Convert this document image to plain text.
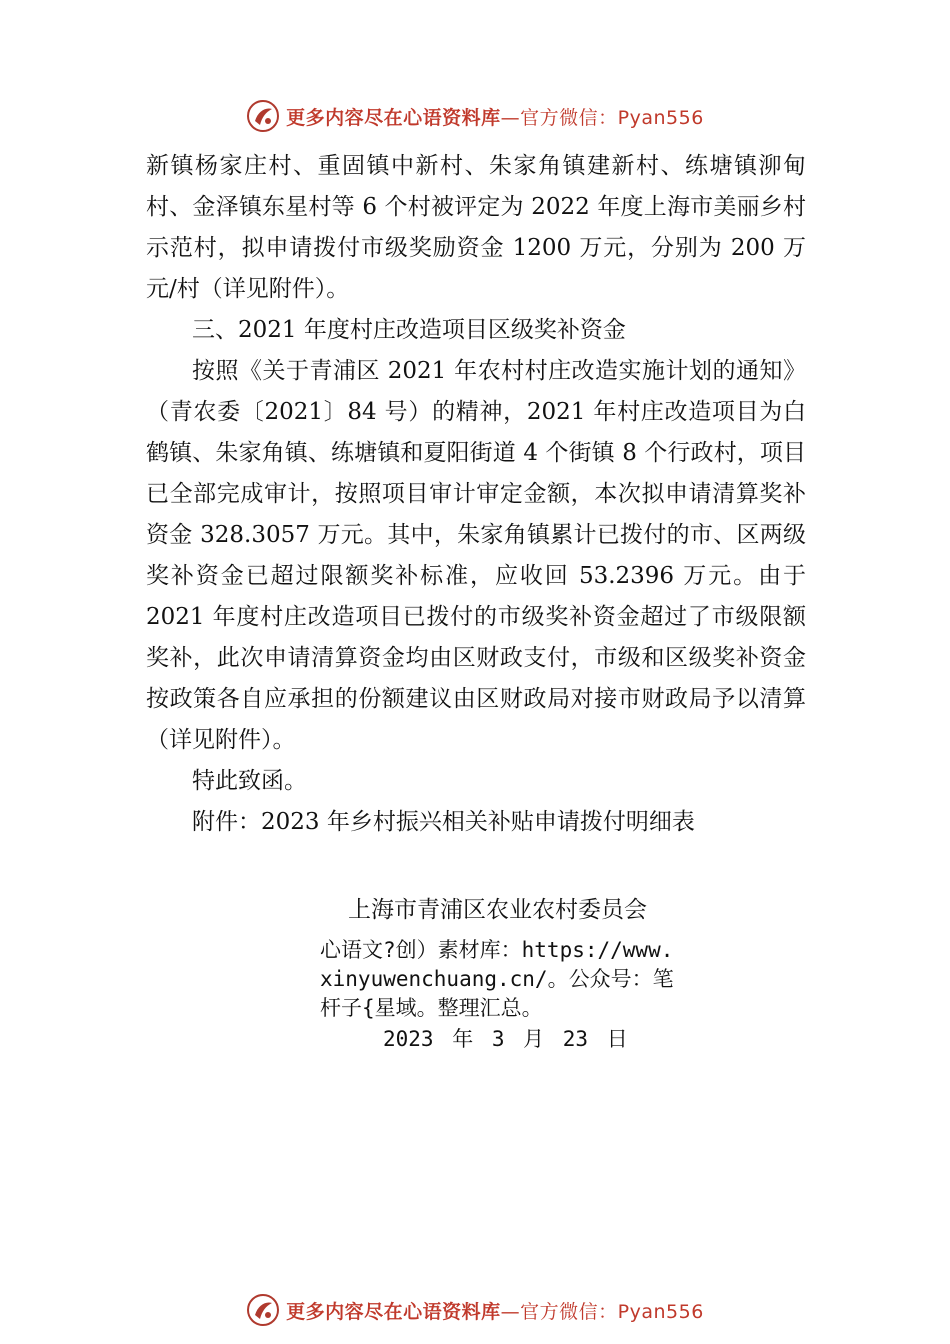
更多内容尽在心语资料库—官方微信：Pyan556

新镇杨家庄村、重固镇中新村、朱家角镇建新村、练塘镇泖甸村、金泽镇东星村等 6 个村被评定为 2022 年度上海市美丽乡村示范村，拟申请拨付市级奖励资金 1200 万元，分别为 200 万元/村（详见附件）。

三、2021 年度村庄改造项目区级奖补资金

按照《关于青浦区 2021 年农村村庄改造实施计划的通知》（青农委〔2021〕84 号）的精神，2021 年村庄改造项目为白鹤镇、朱家角镇、练塘镇和夏阳街道 4 个街镇 8 个行政村，项目已全部完成审计，按照项目审计审定金额，本次拟申请清算奖补资金 328.3057 万元。其中，朱家角镇累计已拨付的市、区两级奖补资金已超过限额奖补标准，应收回 53.2396 万元。由于 2021 年度村庄改造项目已拨付的市级奖补资金超过了市级限额奖补，此次申请清算资金均由区财政支付，市级和区级奖补资金按政策各自应承担的份额建议由区财政局对接市财政局予以清算（详见附件）。

特此致函。

附件：2023 年乡村振兴相关补贴申请拨付明细表

上海市青浦区农业农村委员会
心语文?创）素材库：https://www.xinyuwenchuang.cn/。公众号：笔杆子{星域。整理汇总。
2023 年 3 月 23 日
更多内容尽在心语资料库—官方微信：Pyan556
